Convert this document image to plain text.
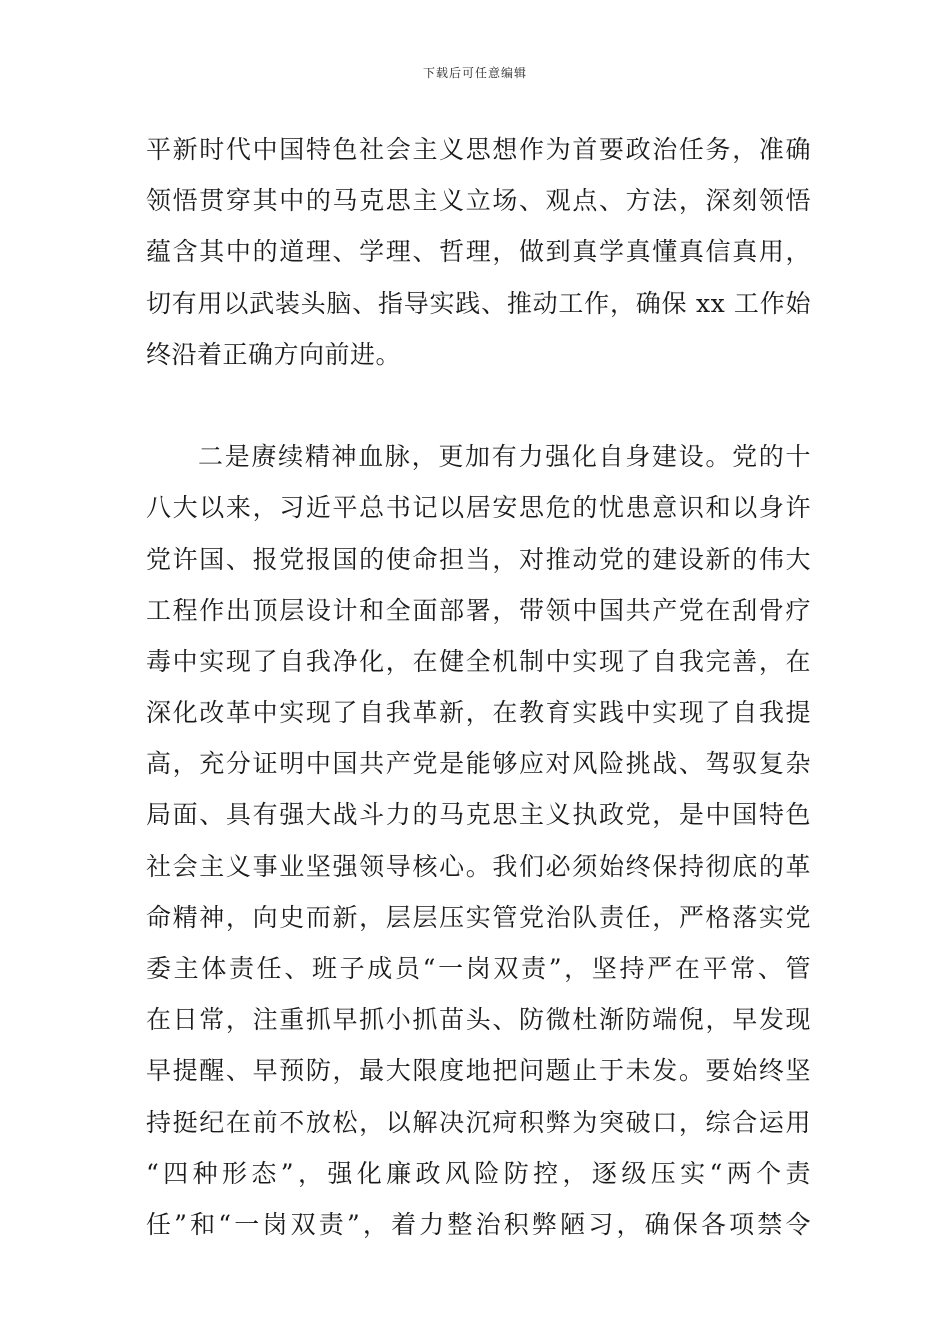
下载后可任意编辑
平新时代中国特色社会主义思想作为首要政治任务，准确
领悟贯穿其中的马克思主义立场、观点、方法，深刻领悟
蕴含其中的道理、学理、哲理，做到真学真懂真信真用，
切有用以武装头脑、指导实践、推动工作，确保 xx 工作始
终沿着正确方向前进。
二是赓续精神血脉，更加有力强化自身建设。党的十
八大以来，习近平总书记以居安思危的忧患意识和以身许
党许国、报党报国的使命担当，对推动党的建设新的伟大
工程作出顶层设计和全面部署，带领中国共产党在刮骨疗
毒中实现了自我净化，在健全机制中实现了自我完善，在
深化改革中实现了自我革新，在教育实践中实现了自我提
高，充分证明中国共产党是能够应对风险挑战、驾驭复杂
局面、具有强大战斗力的马克思主义执政党，是中国特色
社会主义事业坚强领导核心。我们必须始终保持彻底的革
命精神，向史而新，层层压实管党治队责任，严格落实党
委主体责任、班子成员“一岗双责”，坚持严在平常、管
在日常，注重抓早抓小抓苗头、防微杜渐防端倪，早发现
早提醒、早预防，最大限度地把问题止于未发。要始终坚
持挺纪在前不放松，以解决沉疴积弊为突破口，综合运用
“四种形态”，强化廉政风险防控，逐级压实“两个责
任”和“一岗双责”，着力整治积弊陋习，确保各项禁令
